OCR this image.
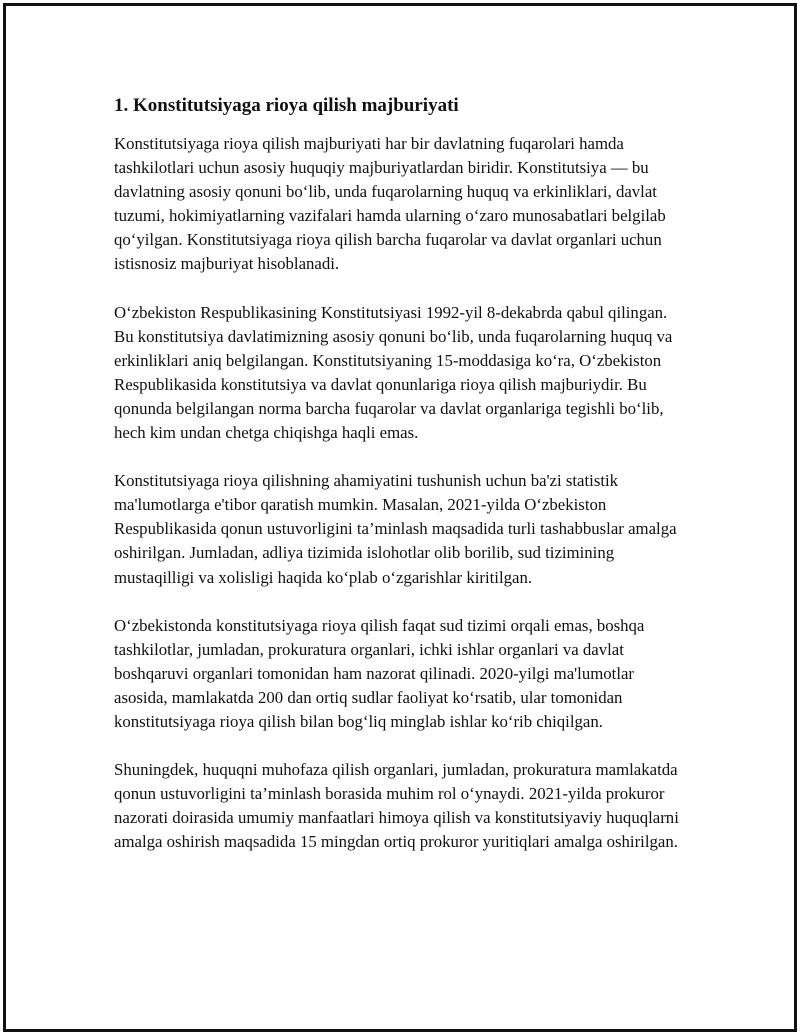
1. Konstitutsiyaga rioya qilish majburiyati

Konstitutsiyaga rioya qilish majburiyati har bir davlatning fuqarolari hamda tashkilotlari uchun asosiy huquqiy majburiyatlardan biridir. Konstitutsiya — bu davlatning asosiy qonuni bo‘lib, unda fuqarolarning huquq va erkinliklari, davlat tuzumi, hokimiyatlarning vazifalari hamda ularning o‘zaro munosabatlari belgilab qo‘yilgan. Konstitutsiyaga rioya qilish barcha fuqarolar va davlat organlari uchun istisnosiz majburiyat hisoblanadi.

O‘zbekiston Respublikasining Konstitutsiyasi 1992-yil 8-dekabrda qabul qilingan. Bu konstitutsiya davlatimizning asosiy qonuni bo‘lib, unda fuqarolarning huquq va erkinliklari aniq belgilangan. Konstitutsiyaning 15-moddasiga ko‘ra, O‘zbekiston Respublikasida konstitutsiya va davlat qonunlariga rioya qilish majburiydir. Bu qonunda belgilangan norma barcha fuqarolar va davlat organlariga tegishli bo‘lib, hech kim undan chetga chiqishga haqli emas.

Konstitutsiyaga rioya qilishning ahamiyatini tushunish uchun ba'zi statistik ma'lumotlarga e'tibor qaratish mumkin. Masalan, 2021-yilda O‘zbekiston Respublikasida qonun ustuvorligini ta’minlash maqsadida turli tashabbuslar amalga oshirilgan. Jumladan, adliya tizimida islohotlar olib borilib, sud tizimining mustaqilligi va xolisligi haqida ko‘plab o‘zgarishlar kiritilgan.

O‘zbekistonda konstitutsiyaga rioya qilish faqat sud tizimi orqali emas, boshqa tashkilotlar, jumladan, prokuratura organlari, ichki ishlar organlari va davlat boshqaruvi organlari tomonidan ham nazorat qilinadi. 2020-yilgi ma'lumotlar asosida, mamlakatda 200 dan ortiq sudlar faoliyat ko‘rsatib, ular tomonidan konstitutsiyaga rioya qilish bilan bog‘liq minglab ishlar ko‘rib chiqilgan.

Shuningdek, huquqni muhofaza qilish organlari, jumladan, prokuratura mamlakatda qonun ustuvorligini ta’minlash borasida muhim rol o‘ynaydi. 2021-yilda prokuror nazorati doirasida umumiy manfaatlari himoya qilish va konstitutsiyaviy huquqlarni amalga oshirish maqsadida 15 mingdan ortiq prokuror yuritiqlari amalga oshirilgan.
